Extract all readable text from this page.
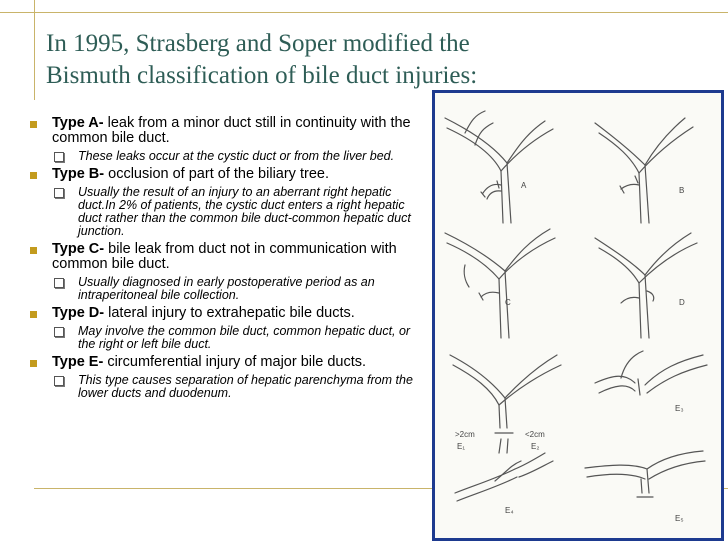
In 1995, Strasberg and Soper modified the
Bismuth classification of bile duct injuries:
Type A- leak from a minor duct still in continuity with the common bile duct.
These leaks occur at the cystic duct or from the liver bed.
Type B- occlusion of part of the biliary tree.
Usually the result of an injury to an aberrant right hepatic duct.In 2% of patients, the cystic duct enters a right hepatic duct rather than the common bile duct-common hepatic duct junction.
Type C- bile leak from duct not in communication with common bile duct.
Usually diagnosed in early postoperative period as an intraperitoneal bile collection.
Type D- lateral injury to extrahepatic bile ducts.
May involve the common bile duct, common hepatic duct, or the right or left bile duct.
Type E- circumferential injury of major bile ducts.
This type causes separation of hepatic parenchyma from the lower ducts and duodenum.
A
B
C	D
>2cm
E₁
<2cm
E₂
E₃
E₄
E₅
